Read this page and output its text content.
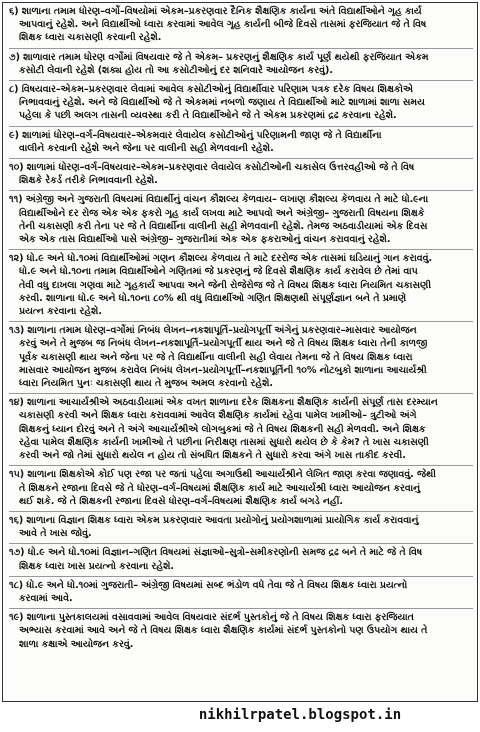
૬) શાળાના તમામ ધોરણ–વર્ગો–વિષયોમાં એકમ–પ્રકરણવાર દૈનિક શૈક્ષણિક કાર્યના અંતે વિદ્યાર્થીઓને ગૃહ કાર્ય
આપવાનું રહેશે. અને વિદ્યાર્થીઓ ધ્વારા કરવામાં આવેલ ગૃહ કાર્યની બીજે દિવસે તાસમાં ફરજિયાત જે તે વિષ
શિક્ષક ધ્વારા ચકાસણી કરવાની રહેશે.
૭) શાળાવાર તમામ ધોરણ વર્ગોમાં વિષયવાર જે તે એકમ– પ્રકરણનું શૈક્ષણિક કાર્ય પૂર્ણ થયેથી ફરજિયાત એકમ
કસોટી લેવાની રહેશે (શક્ય હોય તો આ કસોટીઓનું દર શનિવારે આયોજન કરવું).
૮) વિષયવાર–એકમ–પ્રકરણવાર લેવામાં આવેલ કસોટીઓનું વિદ્યાર્થીવાર પરિણામ પત્રક દરેક વિષય શિક્ષકોએ
નિભાવવાનું રહેશે. અને જે વિદ્યાર્થીઓ જે તે એકમમાં નબળો જણાય તે વિદ્યાર્થીઓ માટે શાળામાં શાળા સમય
પહેલા કે પછી અલગ તાસની વ્યવસ્થા કરી તે વિદ્યાર્થીઓને જે તે એકમ પ્રકરણમાં દ્રઢ કરવાના રહેશે.
૯) શાળામાં ધોરણ–વર્ગ–વિષયવાર–એકમવાર લેવાયેલ કસોટીઓનું પરિણામની જાણ જે તે વિદ્યાર્થીના
વાલીને કરવાની રહેશે અને જેના પર વાલીની સહી મેળવવાની રહેશે.
૧૦) શાળામાં ધોરણ–વર્ગ–વિષયવાર–એકમ–પ્રકરણવાર લેવાયેલ કસોટીઓની ચકાસેલ ઉત્તરવહીઓ જે તે વિષ
શિક્ષકે રેકર્ડ તરીકે નિભાવવાની રહેશે.
૧૧) અંગ્રેજી અને ગુજરાતી વિષયમાં વિદ્યાર્થીનું વાંચન કૌશલ્ય કેળવાય– લખાણ કૌશલ્ય કેળવાય તે માટે ધો.૯ના
વિદ્યાર્થીઓને દર રોજ એક એક ફકરો ગૃહ કાર્ય લખવા માટે આપવો અને અંગ્રેજી– ગુજરાતી વિષયના શિક્ષકે
તેની ચકાસણી કરી તેના પર જે તે વિદ્યાર્થીના વાલીની સહી મેળવવાની રહેશે. તેમજ અઠવાડીયામાં એક દિવસ
એક એક તાસ વિદ્યાર્થીઓ પાસે અંગ્રેજી– ગુજરાતીમાં એક એક ફકરાઓનું વાંચન કરાવવાનું રહેશે.
૧૨) ધો.૯ અને ધો.૧૦માં વિદ્યાર્થીઓમાં ગણન કૌશલ્ય કેળવાય તે માટે દરરોજ એક તાસમાં ઘડિયાનું ગાન કરાવવું.
ધો.૯ અને ધો.૧૦ના તમામ વિદ્યાર્થીઓને ગણિતમાં જે પ્રકરણનું જે દિવસે શૈક્ષણિક કાર્ય કરાવેલ છે તેમાં વાપ
તેવી વધુ દાખલા ગણવા માટે ગૃહકાર્ય આપવા અને જેની રોજેરોજ જે તે વિષય શિક્ષક ધ્વારા નિયમિત ચકાસણી
કરવી. શાળાના ધો.૯ અને ધો.૧૦ના ૮૦% થી વધુ વિદ્યાર્થીઓ ગણિત શિક્ષણથી સંપૂર્ણજ્ઞાન બને તે પ્રમાણે
પ્રયત્ન કરવાના રહેશે.
૧૩) શાળાના તમામ ધોરણ–વર્ગોમાં નિબંધ લેખન–નકશાપૂર્તિ–પ્રયોગપૂર્તી અંગેનું પ્રકરણવાર–માસવાર આયોજન
કરવું અને તે મુજબ જ નિબંધ લેખન–નકશાપૂર્તિ–પ્રયોગપૂર્તી થાય અને જે તે વિષય શિક્ષક ધ્વારા તેની કાળજી
પૂર્વક ચકાસણી થાય અને જેના પર જે તે વિદ્યાર્થીના વાલીની સહી લેવાય તેમના જે તે વિષય શિક્ષક ધ્વારા
માસવાર આયોજન મુજબ કરાવેલ નિબંધ લેખન–પ્રયોગપૂર્તી–નકશાપૂર્તિની ૧૦% નોટબુકો શાળાના આચાર્યશ્રી
ધ્વારા નિયમિત પુનઃ ચકાસણી થાય તે મુજબ અમલ કરવાનો રહેશે.
૧૪) શાળાના આચાર્યશ્રીએ અઠવાડીયામાં એક વખત શાળાના દરેક શિક્ષકના શૈક્ષણિક કાર્યની સંપૂર્ણ તાસ દરમ્યાન
ચકાસણી કરવી અને શિક્ષક ધ્વારા કરાવવામાં આવેલ શૈક્ષણિક કાર્યમાં રહેવા પામેલ ખામીઓ– ત્રુટીઓ અંગે
શિક્ષકનું ધ્યાન દોરવું અને તે અંગે આચાર્યશ્રીએ લોગબુકમાં જે તે વિષય શિક્ષકની સહી મેળવવી. અને શિક્ષક
રહેવા પામેલ શૈક્ષણિક કાર્યની ખામીઓ તે પછીના નિરીક્ષણ તાસમાં સુધારો થયેલ છે કે કેમ? તે ખાસ ચકાસણી
કરવી અને જો તેમાં સુધારો થયેલ ન હોય તો સંબધિત શિક્ષકને તે સુધારો કરવા અંગે ખાસ તાકીદ કરવી.
૧૫) શાળાના શિક્ષકોએ કોઈ પણ રજા પર જતાં પહેલા અગાઉથી આચાર્યશ્રીને લેખિત જાણ કરવા જણાવવું. જેથી
તે શિક્ષકને રજાના દિવસે જે તે ધોરણ–વર્ગ–વિષયમાં શૈક્ષણિક કાર્ય માટે આચાર્યશ્રી ધ્વારા આયોજન કરવાનું
થઈ શકે. જે તે શિક્ષકની રજાના દિવસે ધોરણ–વર્ગ–વિષયમાં શૈક્ષણિક કાર્ય બગડે નહીં.
૧૬) શાળાના વિજ્ઞાન શિક્ષક ધ્વારા એકમ પ્રકરણવાર આવતા પ્રયોગોનું પ્રયોગશાળામાં પ્રાયોગિક કાર્ય કરાવવાનું
આવે તે ખાસ જોવું.
૧૭) ધો.૯ અને ધો.૧૦માં વિજ્ઞાન–ગણિત વિષયમાં સંજ્ઞાઓ–સુત્રો–સમીકરણોની સમજ દ્રઢ બને તે માટે જે તે વિષ
શિક્ષક ધ્વારા ખાસ પ્રયત્નો કરવાના રહેશે.
૧૮) ધો.૯ અને ધો.૧૦માં ગુજરાતી– અંગ્રેજી વિષયમાં સબ્દ ભંડોળ વધે તેવા જે તે વિષય શિક્ષક ધ્વારા પ્રયત્નો
કરવામાં આવે.
૧૯) શાળાના પુસ્તકાલયમાં વસાવવામાં આવેલ વિષયવાર સંદર્ભ પુસ્તકોનું જે તે વિષય શિક્ષક ધ્વારા ફરજિયાત
અભ્યાસ કરવામાં આવે અને જે તે વિષય શિક્ષક ધ્વારા શૈક્ષણિક કાર્યમાં સંદર્ભ પુસ્તકોનો પણ ઉપયોગ થાય તે
શાળા કક્ષાએ આયોજન કરવું.
nikhilrpatel.blogspot.in
